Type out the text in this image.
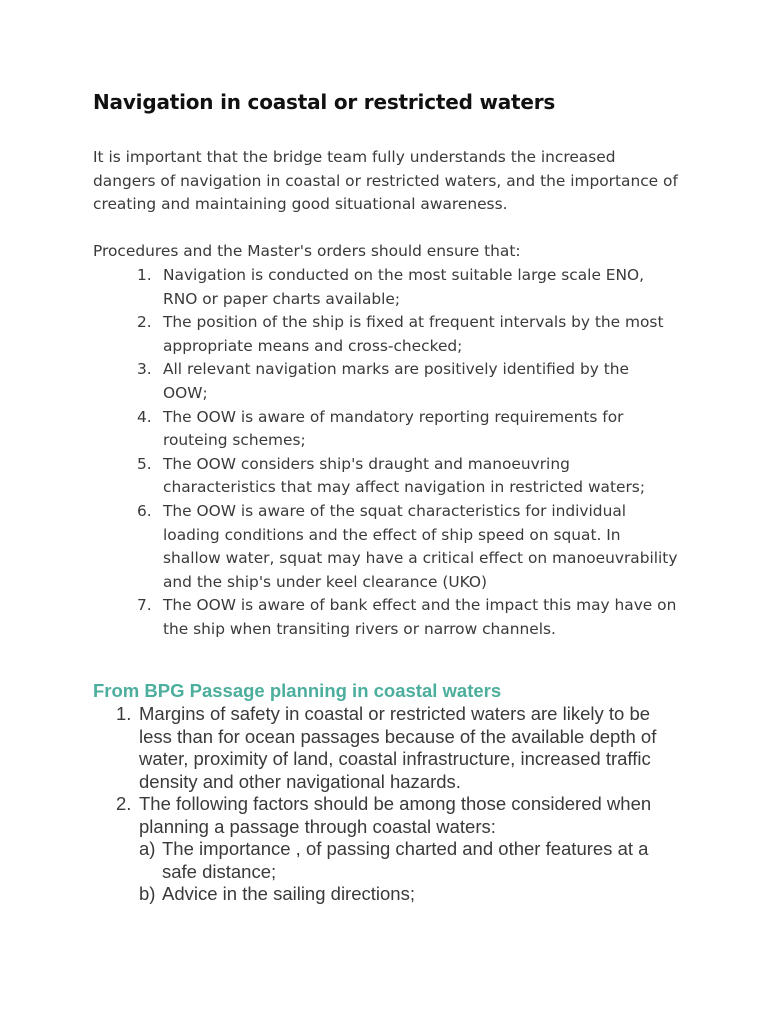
Navigation in coastal or restricted waters

It is important that the bridge team fully understands the increased dangers of navigation in coastal or restricted waters, and the importance of creating and maintaining good situational awareness.

Procedures and the Master's orders should ensure that:

1. Navigation is conducted on the most suitable large scale ENO, RNO or paper charts available;
2. The position of the ship is fixed at frequent intervals by the most appropriate means and cross-checked;
3. All relevant navigation marks are positively identified by the OOW;
4. The OOW is aware of mandatory reporting requirements for routeing schemes;
5. The OOW considers ship's draught and manoeuvring characteristics that may affect navigation in restricted waters;
6. The OOW is aware of the squat characteristics for individual loading conditions and the effect of ship speed on squat. In shallow water, squat may have a critical effect on manoeuvrability and the ship's under keel clearance (UKO)
7. The OOW is aware of bank effect and the impact this may have on the ship when transiting rivers or narrow channels.
From BPG Passage planning in coastal waters
1. Margins of safety in coastal or restricted waters are likely to be less than for ocean passages because of the available depth of water, proximity of land, coastal infrastructure, increased traffic density and other navigational hazards.
2. The following factors should be among those considered when planning a passage through coastal waters:
a) The importance , of passing charted and other features at a safe distance;
b) Advice in the sailing directions;
